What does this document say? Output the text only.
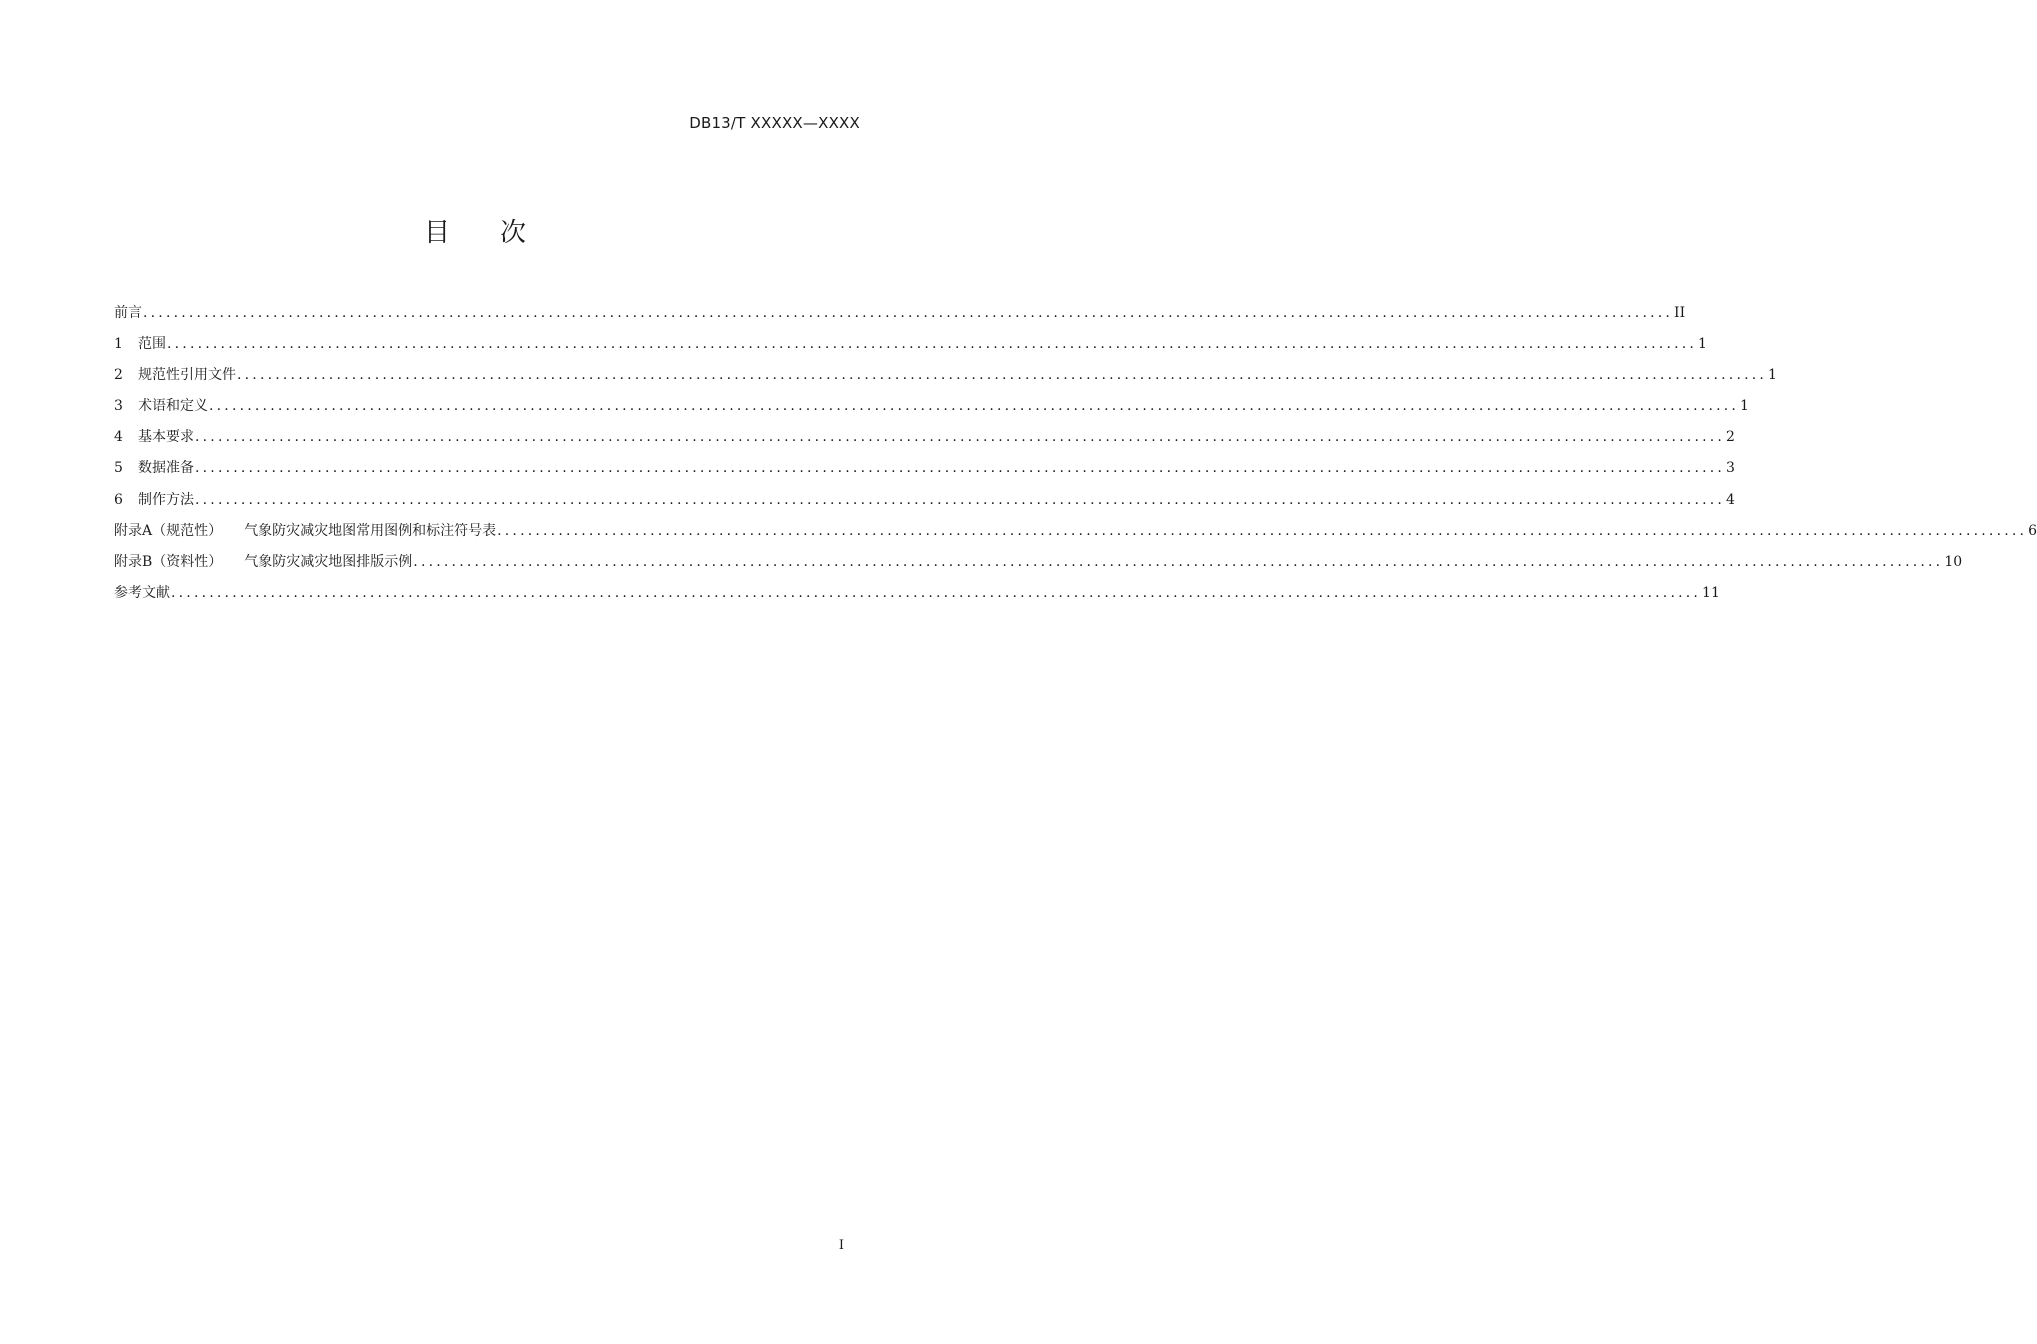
DB13/T XXXXX—XXXX
目 次
前言 ........................................................................................................................................................................................................ II
1	范围 ........................................................................................................................................................................................................ 1
2	规范性引用文件 ........................................................................................................................................................................................................ 1
3	术语和定义 ........................................................................................................................................................................................................ 1
4	基本要求 ........................................................................................................................................................................................................ 2
5	数据准备 ........................................................................................................................................................................................................ 3
6	制作方法 ........................................................................................................................................................................................................ 4
附录A（规范性）	气象防灾减灾地图常用图例和标注符号表 ........................................................................................................................................................................................................ 6
附录B（资料性）	气象防灾减灾地图排版示例 ........................................................................................................................................................................................................ 10
参考文献 ........................................................................................................................................................................................................ 11
I
